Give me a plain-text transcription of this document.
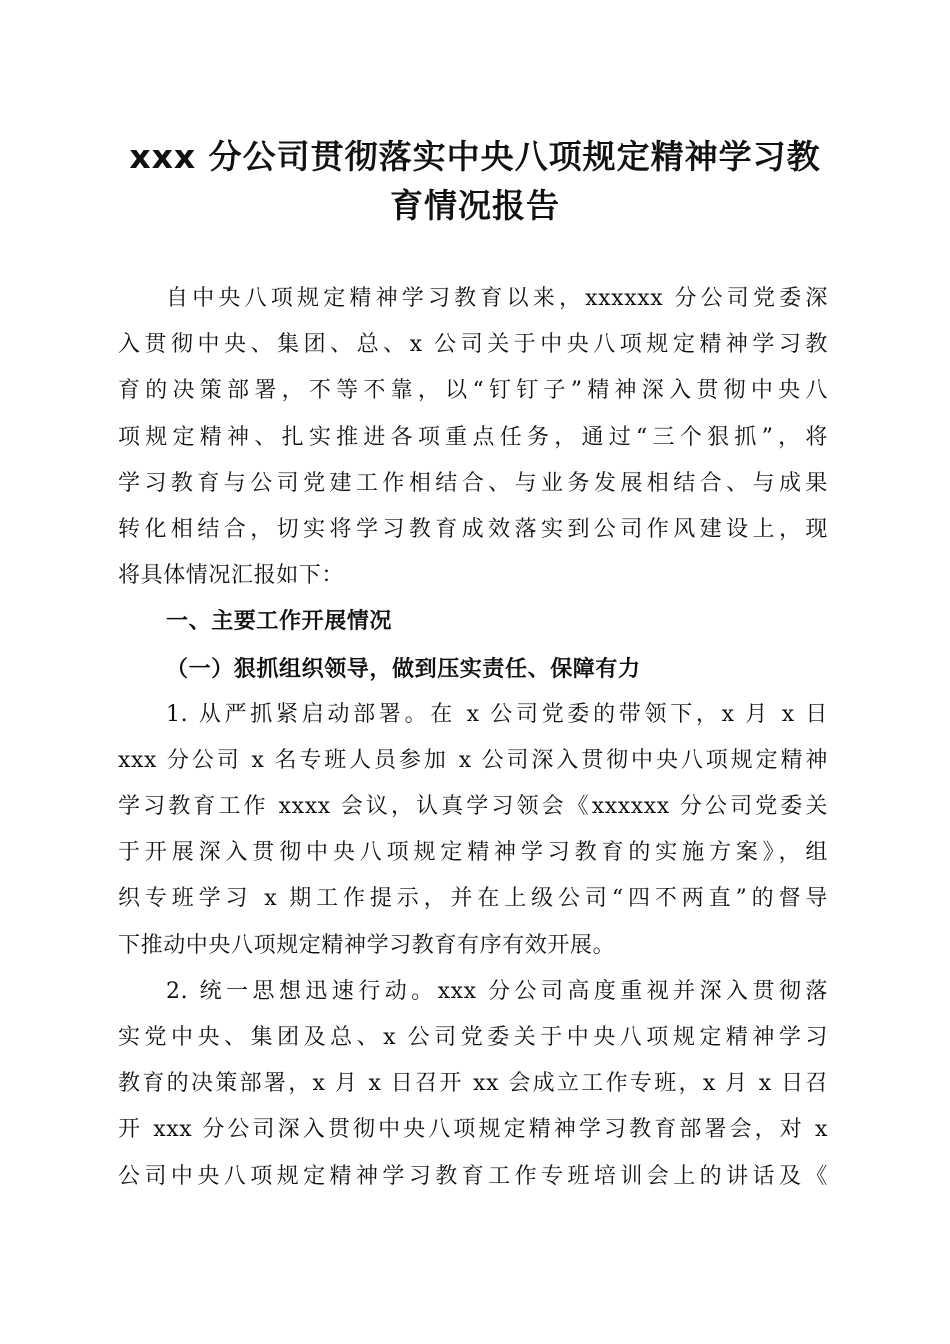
xxx 分公司贯彻落实中央八项规定精神学习教
育情况报告
自中央八项规定精神学习教育以来，xxxxxx 分公司党委深
入贯彻中央、集团、总、x 公司关于中央八项规定精神学习教
育的决策部署，不等不靠，以“钉钉子”精神深入贯彻中央八
项规定精神、扎实推进各项重点任务，通过“三个狠抓”，将
学习教育与公司党建工作相结合、与业务发展相结合、与成果
转化相结合，切实将学习教育成效落实到公司作风建设上，现
将具体情况汇报如下：
一、主要工作开展情况
（一）狠抓组织领导，做到压实责任、保障有力
1. 从严抓紧启动部署。在 x 公司党委的带领下，x 月 x 日
xxx 分公司 x 名专班人员参加 x 公司深入贯彻中央八项规定精神
学习教育工作 xxxx 会议，认真学习领会《xxxxxx 分公司党委关
于开展深入贯彻中央八项规定精神学习教育的实施方案》，组
织专班学习 x 期工作提示，并在上级公司“四不两直”的督导
下推动中央八项规定精神学习教育有序有效开展。
2. 统一思想迅速行动。xxx 分公司高度重视并深入贯彻落
实党中央、集团及总、x 公司党委关于中央八项规定精神学习
教育的决策部署，x 月 x 日召开 xx 会成立工作专班，x 月 x 日召
开 xxx 分公司深入贯彻中央八项规定精神学习教育部署会，对 x
公司中央八项规定精神学习教育工作专班培训会上的讲话及《
